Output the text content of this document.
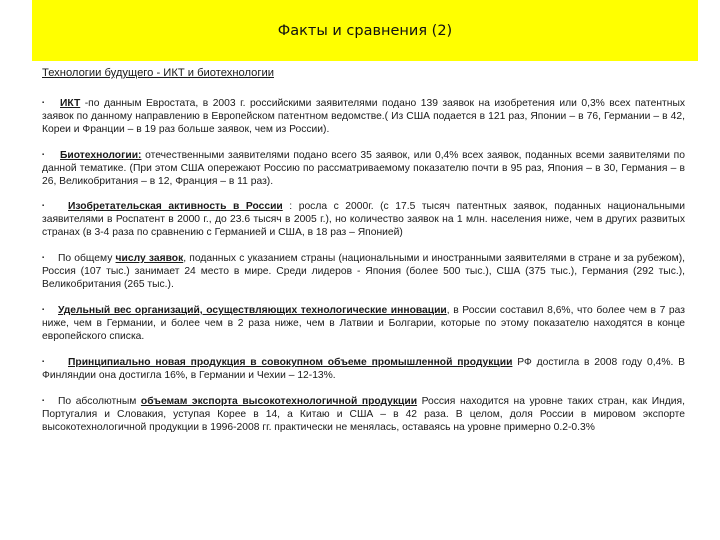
Факты и сравнения (2)
Технологии будущего - ИКТ и биотехнологии

▪ ИКТ -по данным Евростата, в 2003 г. российскими заявителями подано 139 заявок на изобретения или 0,3% всех патентных заявок по данному направлению в Европейском патентном ведомстве.( Из США подается в 121 раз, Японии – в 76, Германии – в 42, Кореи и Франции – в 19 раз больше заявок, чем из России).

▪ Биотехнологии: отечественными заявителями подано всего 35 заявок, или 0,4% всех заявок, поданных всеми заявителями по данной тематике. (При этом США опережают Россию по рассматриваемому показателю почти в 95 раз, Япония – в 30, Германия – в 26, Великобритания – в 12, Франция – в 11 раз).

▪ Изобретательская активность в России : росла с 2000г. (с 17.5 тысяч патентных заявок, поданных национальными заявителями в Роспатент в 2000 г., до 23.6 тысяч в 2005 г.), но количество заявок на 1 млн. населения ниже, чем в других развитых странах (в 3-4 раза по сравнению с Германией и США, в 18 раз – Японией)

▪ По общему числу заявок, поданных с указанием страны (национальными и иностранными заявителями в стране и за рубежом), Россия (107 тыс.) занимает 24 место в мире. Среди лидеров - Япония (более 500 тыс.), США (375 тыс.), Германия (292 тыс.), Великобритания (265 тыс.).

▪ Удельный вес организаций, осуществляющих технологические инновации, в России составил 8,6%, что более чем в 7 раз ниже, чем в Германии, и более чем в 2 раза ниже, чем в Латвии и Болгарии, которые по этому показателю находятся в конце европейского списка.

▪ Принципиально новая продукция в совокупном объеме промышленной продукции РФ достигла в 2008 году 0,4%. В Финляндии она достигла 16%, в Германии и Чехии – 12-13%.

▪ По абсолютным объемам экспорта высокотехнологичной продукции Россия находится на уровне таких стран, как Индия, Португалия и Словакия, уступая Корее в 14, а Китаю и США – в 42 раза. В целом, доля России в мировом экспорте высокотехнологичной продукции в 1996-2008 гг. практически не менялась, оставаясь на уровне примерно 0.2-0.3%
